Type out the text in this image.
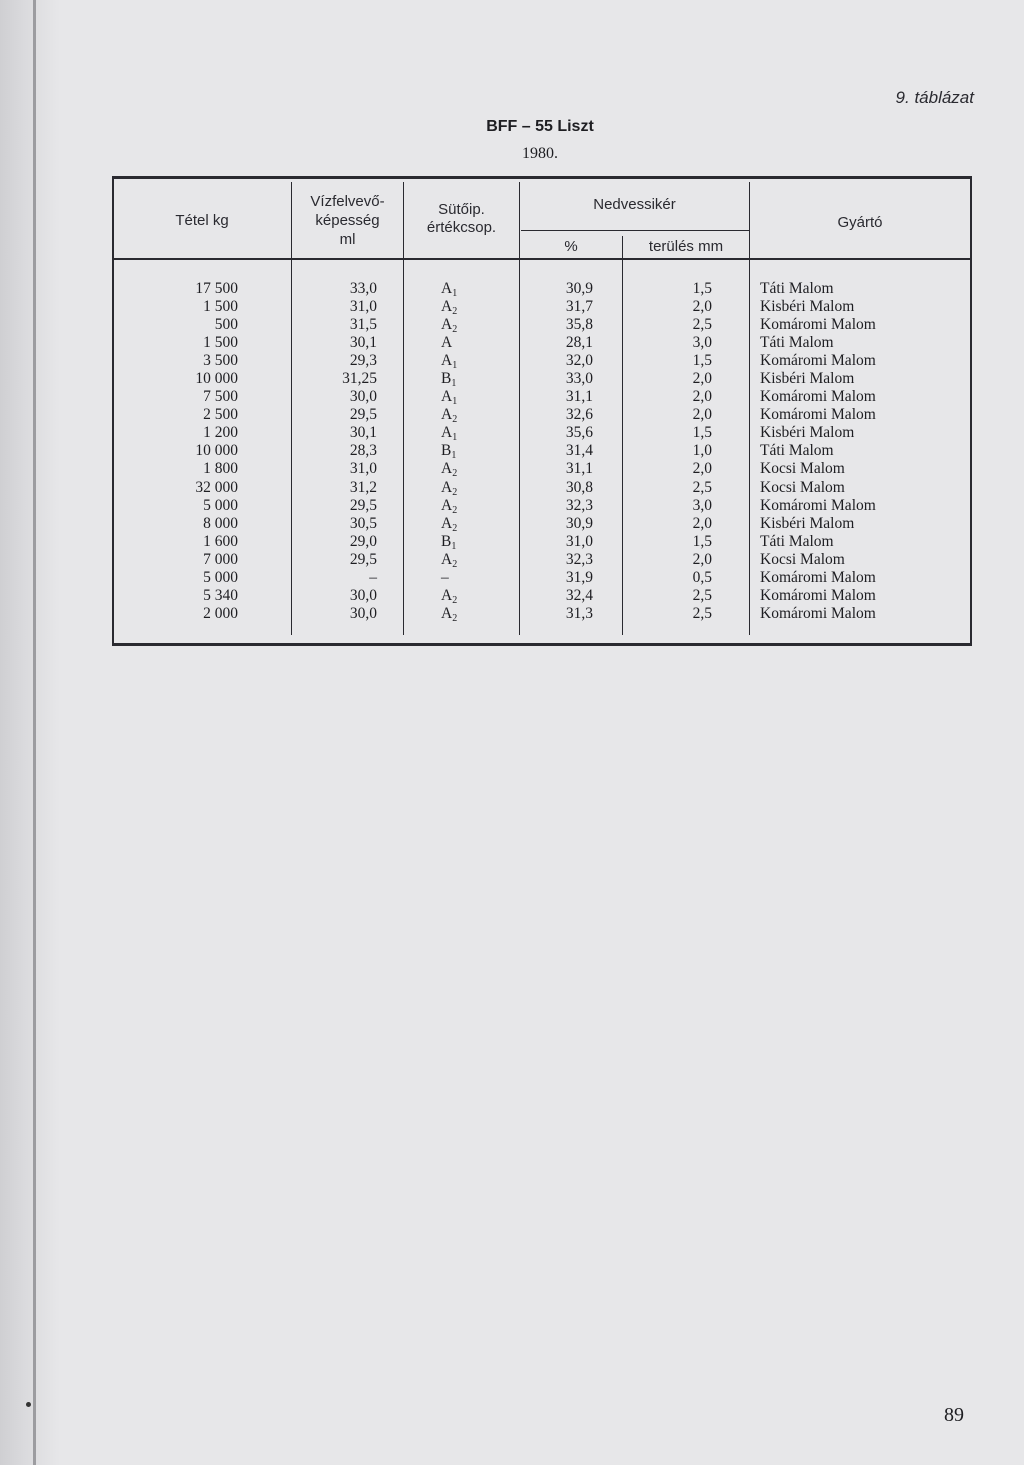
9. táblázat
BFF – 55 Liszt
1980.
Tétel kg
Vízfelvevő-
képesség
ml
Sütőip.
értékcsop.
Nedvessikér
%	terülés mm
Gyártó
17 500
1 500
500
1 500
3 500
10 000
7 500
2 500
1 200
10 000
1 800
32 000
5 000
8 000
1 600
7 000
5 000
5 340
2 000
33,0
31,0
31,5
30,1
29,3
31,25
30,0
29,5
30,1
28,3
31,0
31,2
29,5
30,5
29,0
29,5
–
30,0
30,0
$A_1$
$A_2$
$A_2$
A
$A_1$
$B_1$
$A_1$
$A_2$
$A_1$
$B_1$
$A_2$
$A_2$
$A_2$
$A_2$
$B_1$
$A_2$
–
$A_2$
$A_2$
30,9
31,7
35,8
28,1
32,0
33,0
31,1
32,6
35,6
31,4
31,1
30,8
32,3
30,9
31,0
32,3
31,9
32,4
31,3
1,5
2,0
2,5
3,0
1,5
2,0
2,0
2,0
1,5
1,0
2,0
2,5
3,0
2,0
1,5
2,0
0,5
2,5
2,5
Táti Malom
Kisbéri Malom
Komáromi Malom
Táti Malom
Komáromi Malom
Kisbéri Malom
Komáromi Malom
Komáromi Malom
Kisbéri Malom
Táti Malom
Kocsi Malom
Kocsi Malom
Komáromi Malom
Kisbéri Malom
Táti Malom
Kocsi Malom
Komáromi Malom
Komáromi Malom
Komáromi Malom
89
